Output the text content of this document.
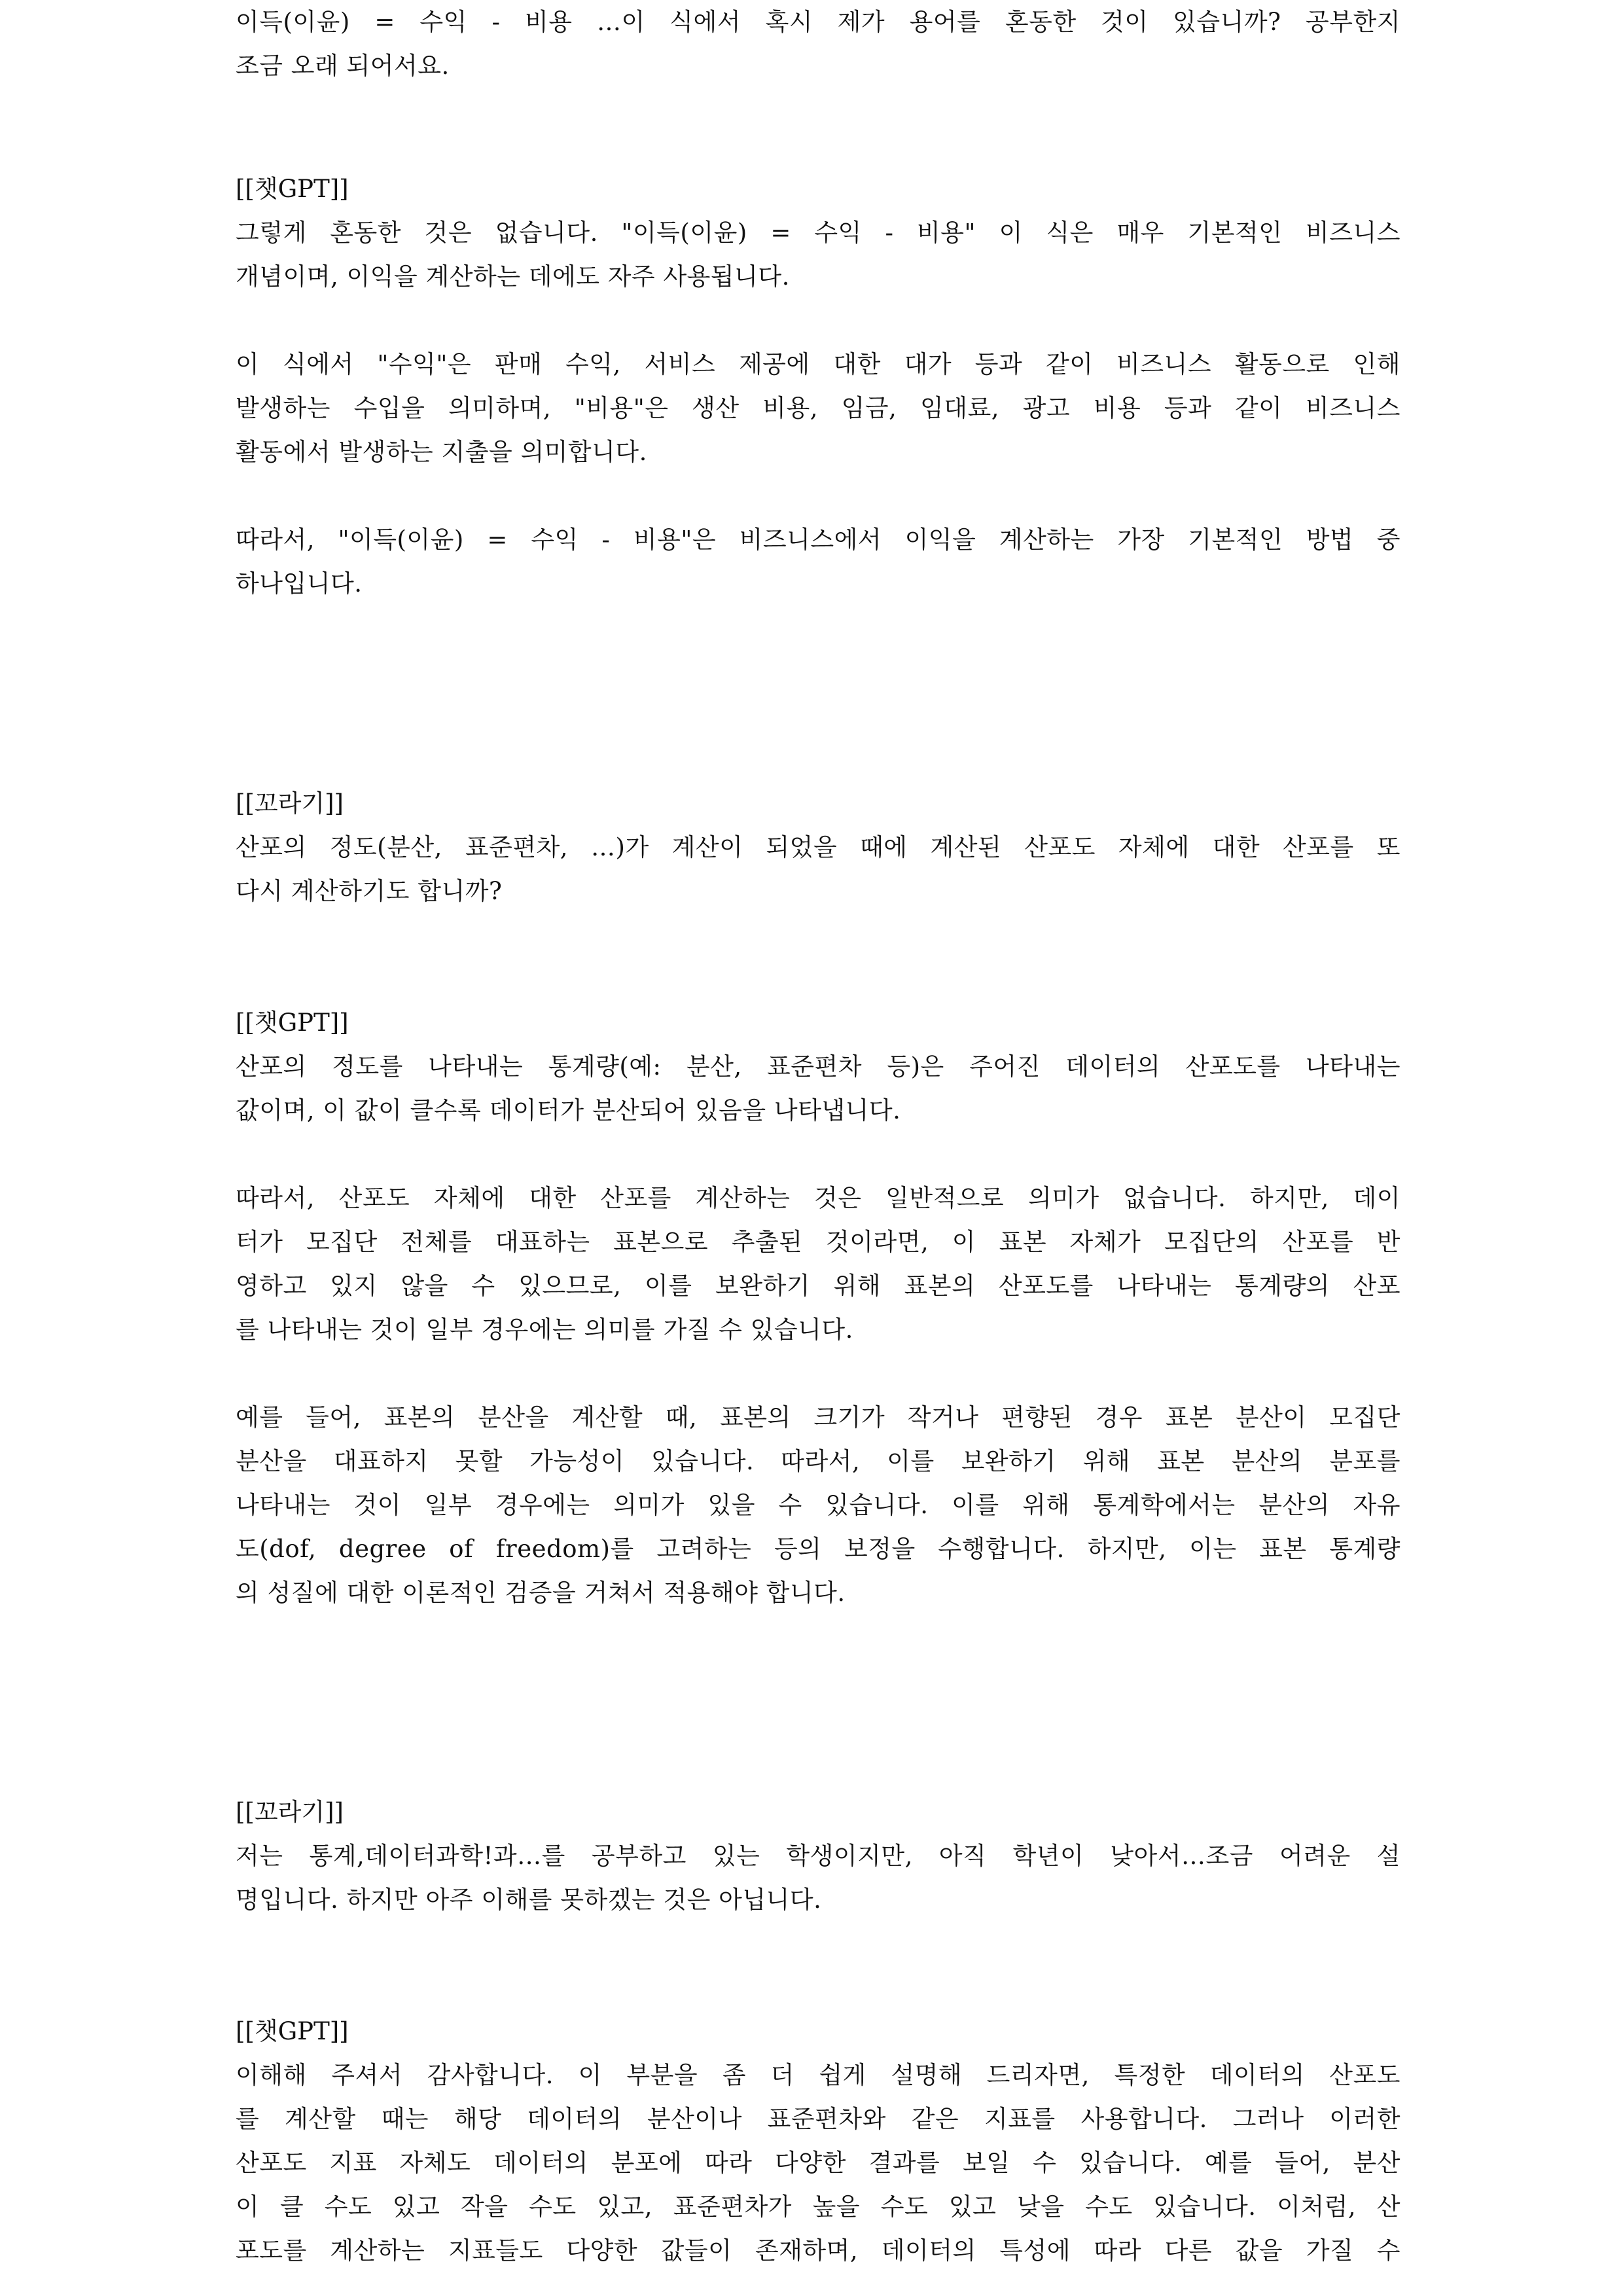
이득(이윤) = 수익 - 비용 …이 식에서 혹시 제가 용어를 혼동한 것이 있습니까? 공부한지
조금 오래 되어서요.
[[챗GPT]]
그렇게 혼동한 것은 없습니다. "이득(이윤) = 수익 - 비용" 이 식은 매우 기본적인 비즈니스
개념이며, 이익을 계산하는 데에도 자주 사용됩니다.
이 식에서 "수익"은 판매 수익, 서비스 제공에 대한 대가 등과 같이 비즈니스 활동으로 인해
발생하는 수입을 의미하며, "비용"은 생산 비용, 임금, 임대료, 광고 비용 등과 같이 비즈니스
활동에서 발생하는 지출을 의미합니다.
따라서, "이득(이윤) = 수익 - 비용"은 비즈니스에서 이익을 계산하는 가장 기본적인 방법 중
하나입니다.
[[꼬라기]]
산포의 정도(분산, 표준편차, …)가 계산이 되었을 때에 계산된 산포도 자체에 대한 산포를 또
다시 계산하기도 합니까?
[[챗GPT]]
산포의 정도를 나타내는 통계량(예: 분산, 표준편차 등)은 주어진 데이터의 산포도를 나타내는
값이며, 이 값이 클수록 데이터가 분산되어 있음을 나타냅니다.
따라서, 산포도 자체에 대한 산포를 계산하는 것은 일반적으로 의미가 없습니다. 하지만, 데이
터가 모집단 전체를 대표하는 표본으로 추출된 것이라면, 이 표본 자체가 모집단의 산포를 반
영하고 있지 않을 수 있으므로, 이를 보완하기 위해 표본의 산포도를 나타내는 통계량의 산포
를 나타내는 것이 일부 경우에는 의미를 가질 수 있습니다.
예를 들어, 표본의 분산을 계산할 때, 표본의 크기가 작거나 편향된 경우 표본 분산이 모집단
분산을 대표하지 못할 가능성이 있습니다. 따라서, 이를 보완하기 위해 표본 분산의 분포를
나타내는 것이 일부 경우에는 의미가 있을 수 있습니다. 이를 위해 통계학에서는 분산의 자유
도(dof, degree of freedom)를 고려하는 등의 보정을 수행합니다. 하지만, 이는 표본 통계량
의 성질에 대한 이론적인 검증을 거쳐서 적용해야 합니다.
[[꼬라기]]
저는 통계,데이터과학!과…를 공부하고 있는 학생이지만, 아직 학년이 낮아서…조금 어려운 설
명입니다. 하지만 아주 이해를 못하겠는 것은 아닙니다.
[[챗GPT]]
이해해 주셔서 감사합니다. 이 부분을 좀 더 쉽게 설명해 드리자면, 특정한 데이터의 산포도
를 계산할 때는 해당 데이터의 분산이나 표준편차와 같은 지표를 사용합니다. 그러나 이러한
산포도 지표 자체도 데이터의 분포에 따라 다양한 결과를 보일 수 있습니다. 예를 들어, 분산
이 클 수도 있고 작을 수도 있고, 표준편차가 높을 수도 있고 낮을 수도 있습니다. 이처럼, 산
포도를 계산하는 지표들도 다양한 값들이 존재하며, 데이터의 특성에 따라 다른 값을 가질 수
